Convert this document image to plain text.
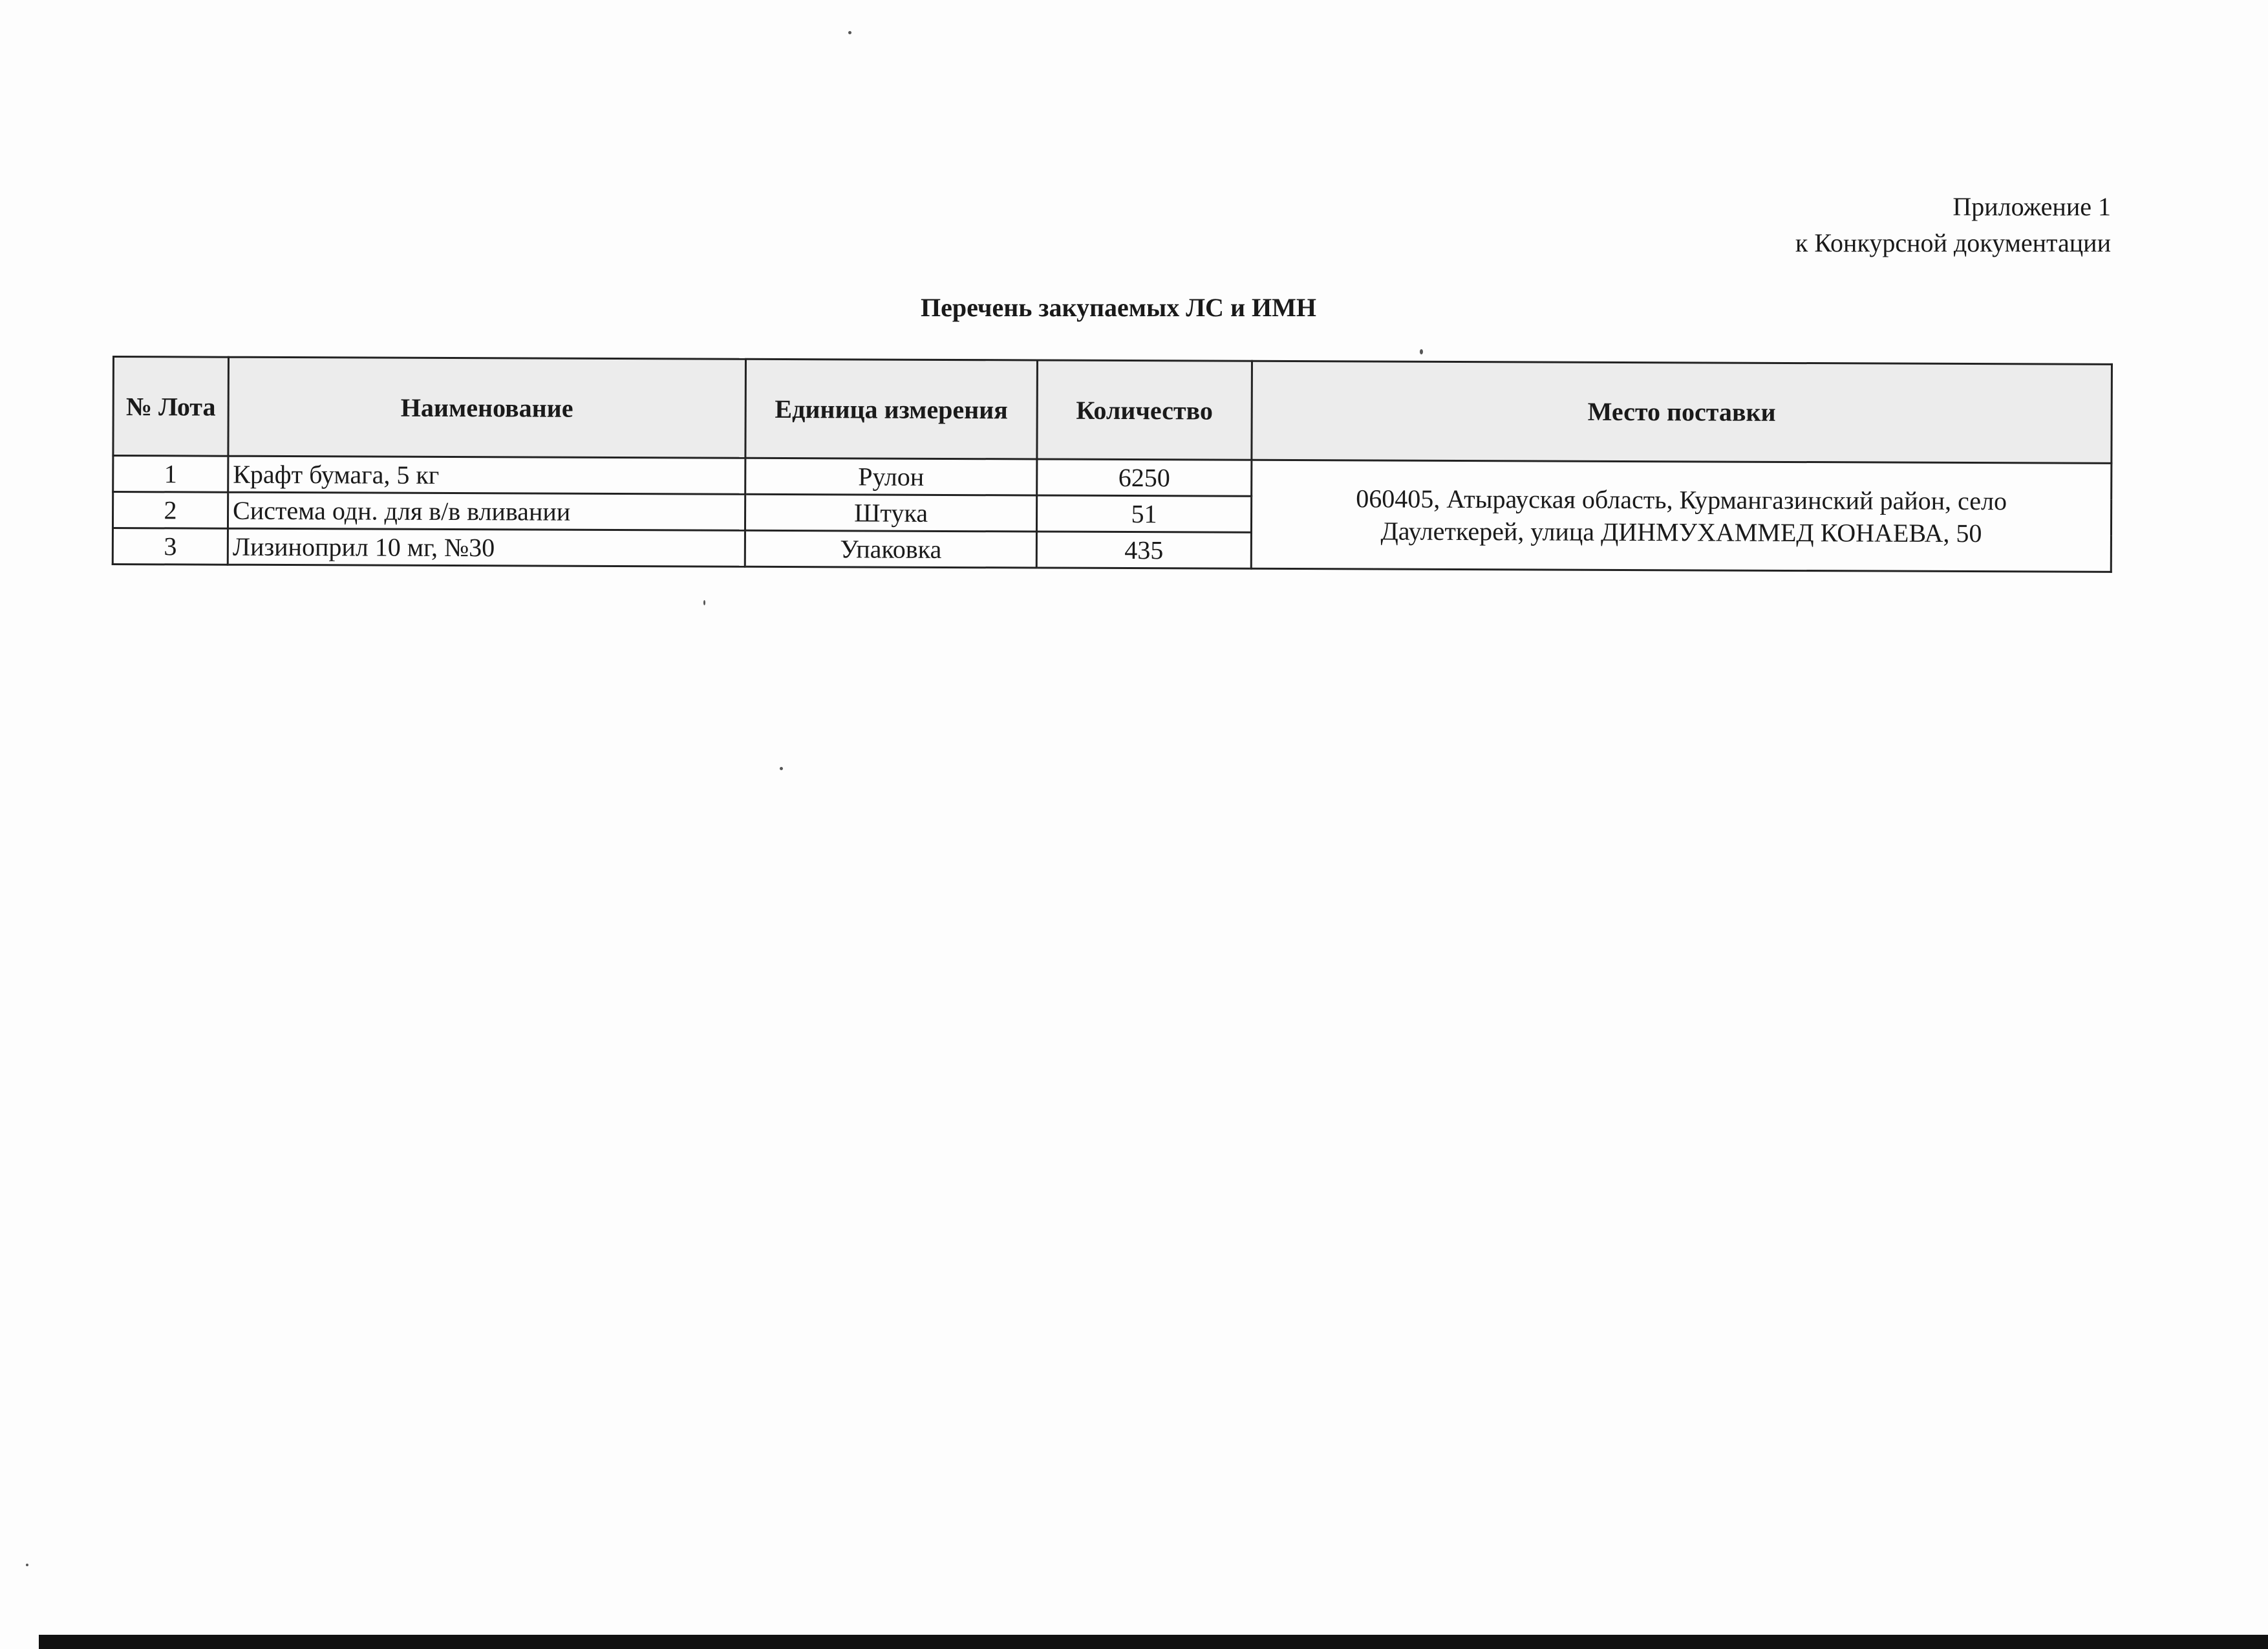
Приложение 1
к Конкурсной документации
Перечень закупаемых ЛС и ИМН
№ Лота	Наименование	Единица измерения	Количество	Место поставки
1	Крафт бумага, 5 кг	Рулон	6250	060405, Атырауская область, Курмангазинский район, село
Даулеткерей, улица ДИНМУХАММЕД КОНАЕВА, 50

2	Система одн. для в/в вливании	Штука	51	
3	Лизиноприл 10 мг, №30	Упаковка	435	
